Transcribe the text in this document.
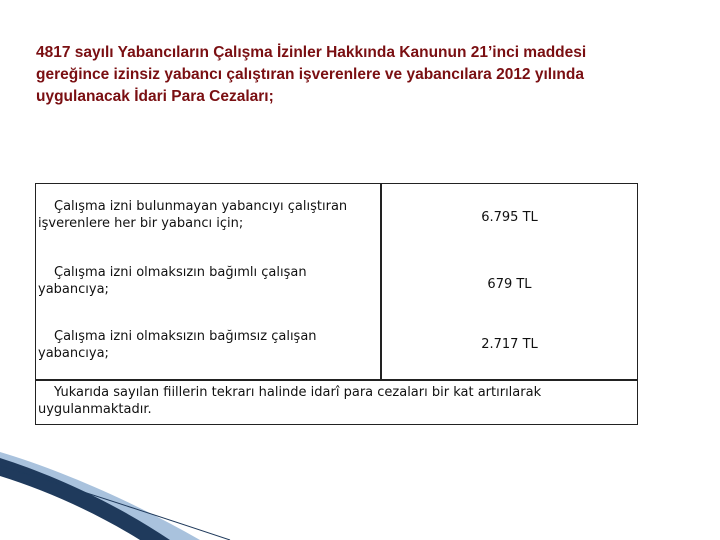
4817 sayılı Yabancıların Çalışma İzinler Hakkında Kanunun 21’inci maddesi
gereğince izinsiz yabancı çalıştıran işverenlere ve yabancılara 2012 yılında
uygulanacak İdari Para Cezaları;
Çalışma izni bulunmayan yabancıyı çalıştıran işverenlere her bir yabancı için;	6.795 TL
Çalışma izni olmaksızın bağımlı çalışan yabancıya;	679 TL
Çalışma izni olmaksızın bağımsız çalışan yabancıya;	2.717 TL
Yukarıda sayılan fiillerin tekrarı halinde idarî para cezaları bir kat artırılarak uygulanmaktadır.	
